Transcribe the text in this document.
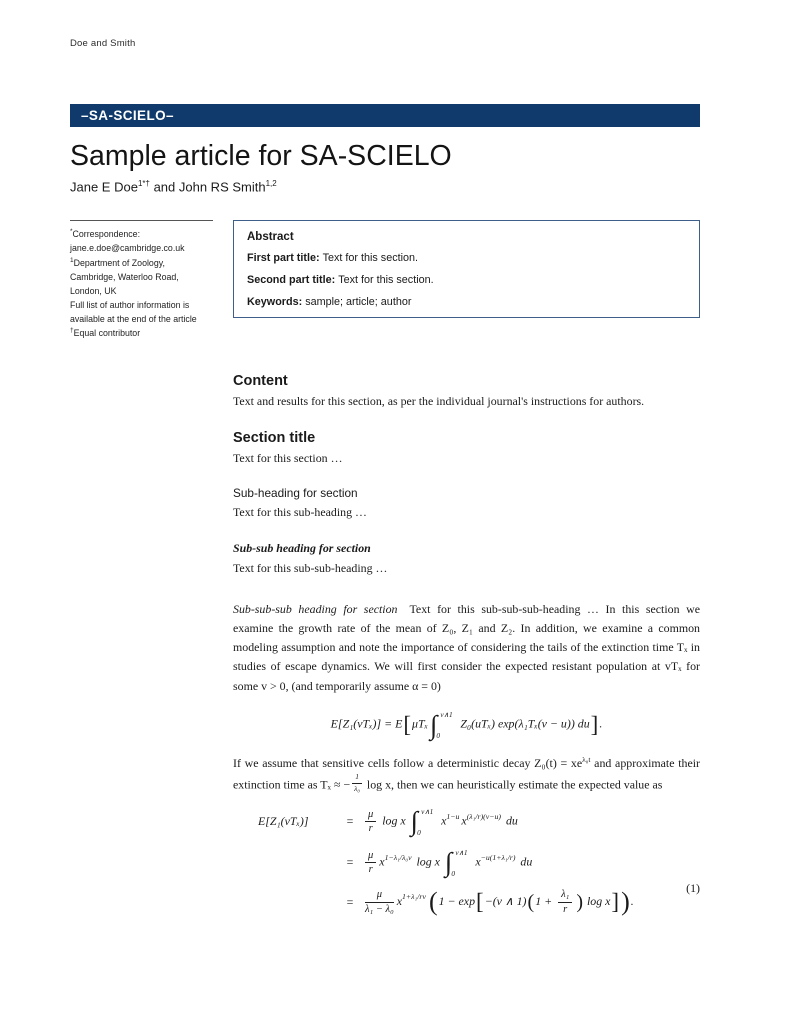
Doe and Smith
–SA-SCIELO–
Sample article for SA-SCIELO
Jane E Doe$^{1*\dagger}$ and John RS Smith$^{1,2}$
*Correspondence:
jane.e.doe@cambridge.co.uk
$^1$Department of Zoology,
Cambridge, Waterloo Road,
London, UK
Full list of author information is
available at the end of the article
†Equal contributor
Abstract
First part title: Text for this section.
Second part title: Text for this section.
Keywords: sample; article; author
Content

Text and results for this section, as per the individual journal's instructions for authors.

Section title

Text for this section …

Sub-heading for section

Text for this sub-heading …

Sub-sub heading for section

Text for this sub-sub-heading …

Sub-sub-sub heading for section Text for this sub-sub-sub-heading … In this section we examine the growth rate of the mean of Z₀, Z₁ and Z₂. In addition, we examine a common modeling assumption and note the importance of considering the tails of the extinction time Tₓ in studies of escape dynamics. We will first consider the expected resistant population at vTₓ for some v > 0, (and temporarily assume α = 0)

E[Z₁(vTₓ)] = E[μTₓ ∫ v∧1
0
Z₀(uTₓ) exp(λ₁Tₓ(v − u)) du].

If we assume that sensitive cells follow a deterministic decay $Z_0(t) = xe^{\lambda_0t}$ and approximate their extinction time as Tₓ ≈ − $\frac{1}{\text{λ₀}}$ log x, then we can heuristically estimate the expected value as

E[Z₁(vTₓ)]	=	$\frac{\mu}{r}$ log x ∫ v∧1
0
$x^{1-u}$ $x^{(\lambda_1/r)(v-u)}$ du
=	$\frac{\mu}{r} x^{1-\lambda_1/\lambda_0v}$ log x ∫ v∧1
0
$x^{-u(1+\lambda_1/r)}$ du
=	$\frac{\mu}{\text{λ₁ − λ₀}} x^{1+\lambda_1/rv}$ (1 − exp[−(v ∧ $1)(1 + \frac{\text{λ₁}}{r}$ ) log x]).
(1)
